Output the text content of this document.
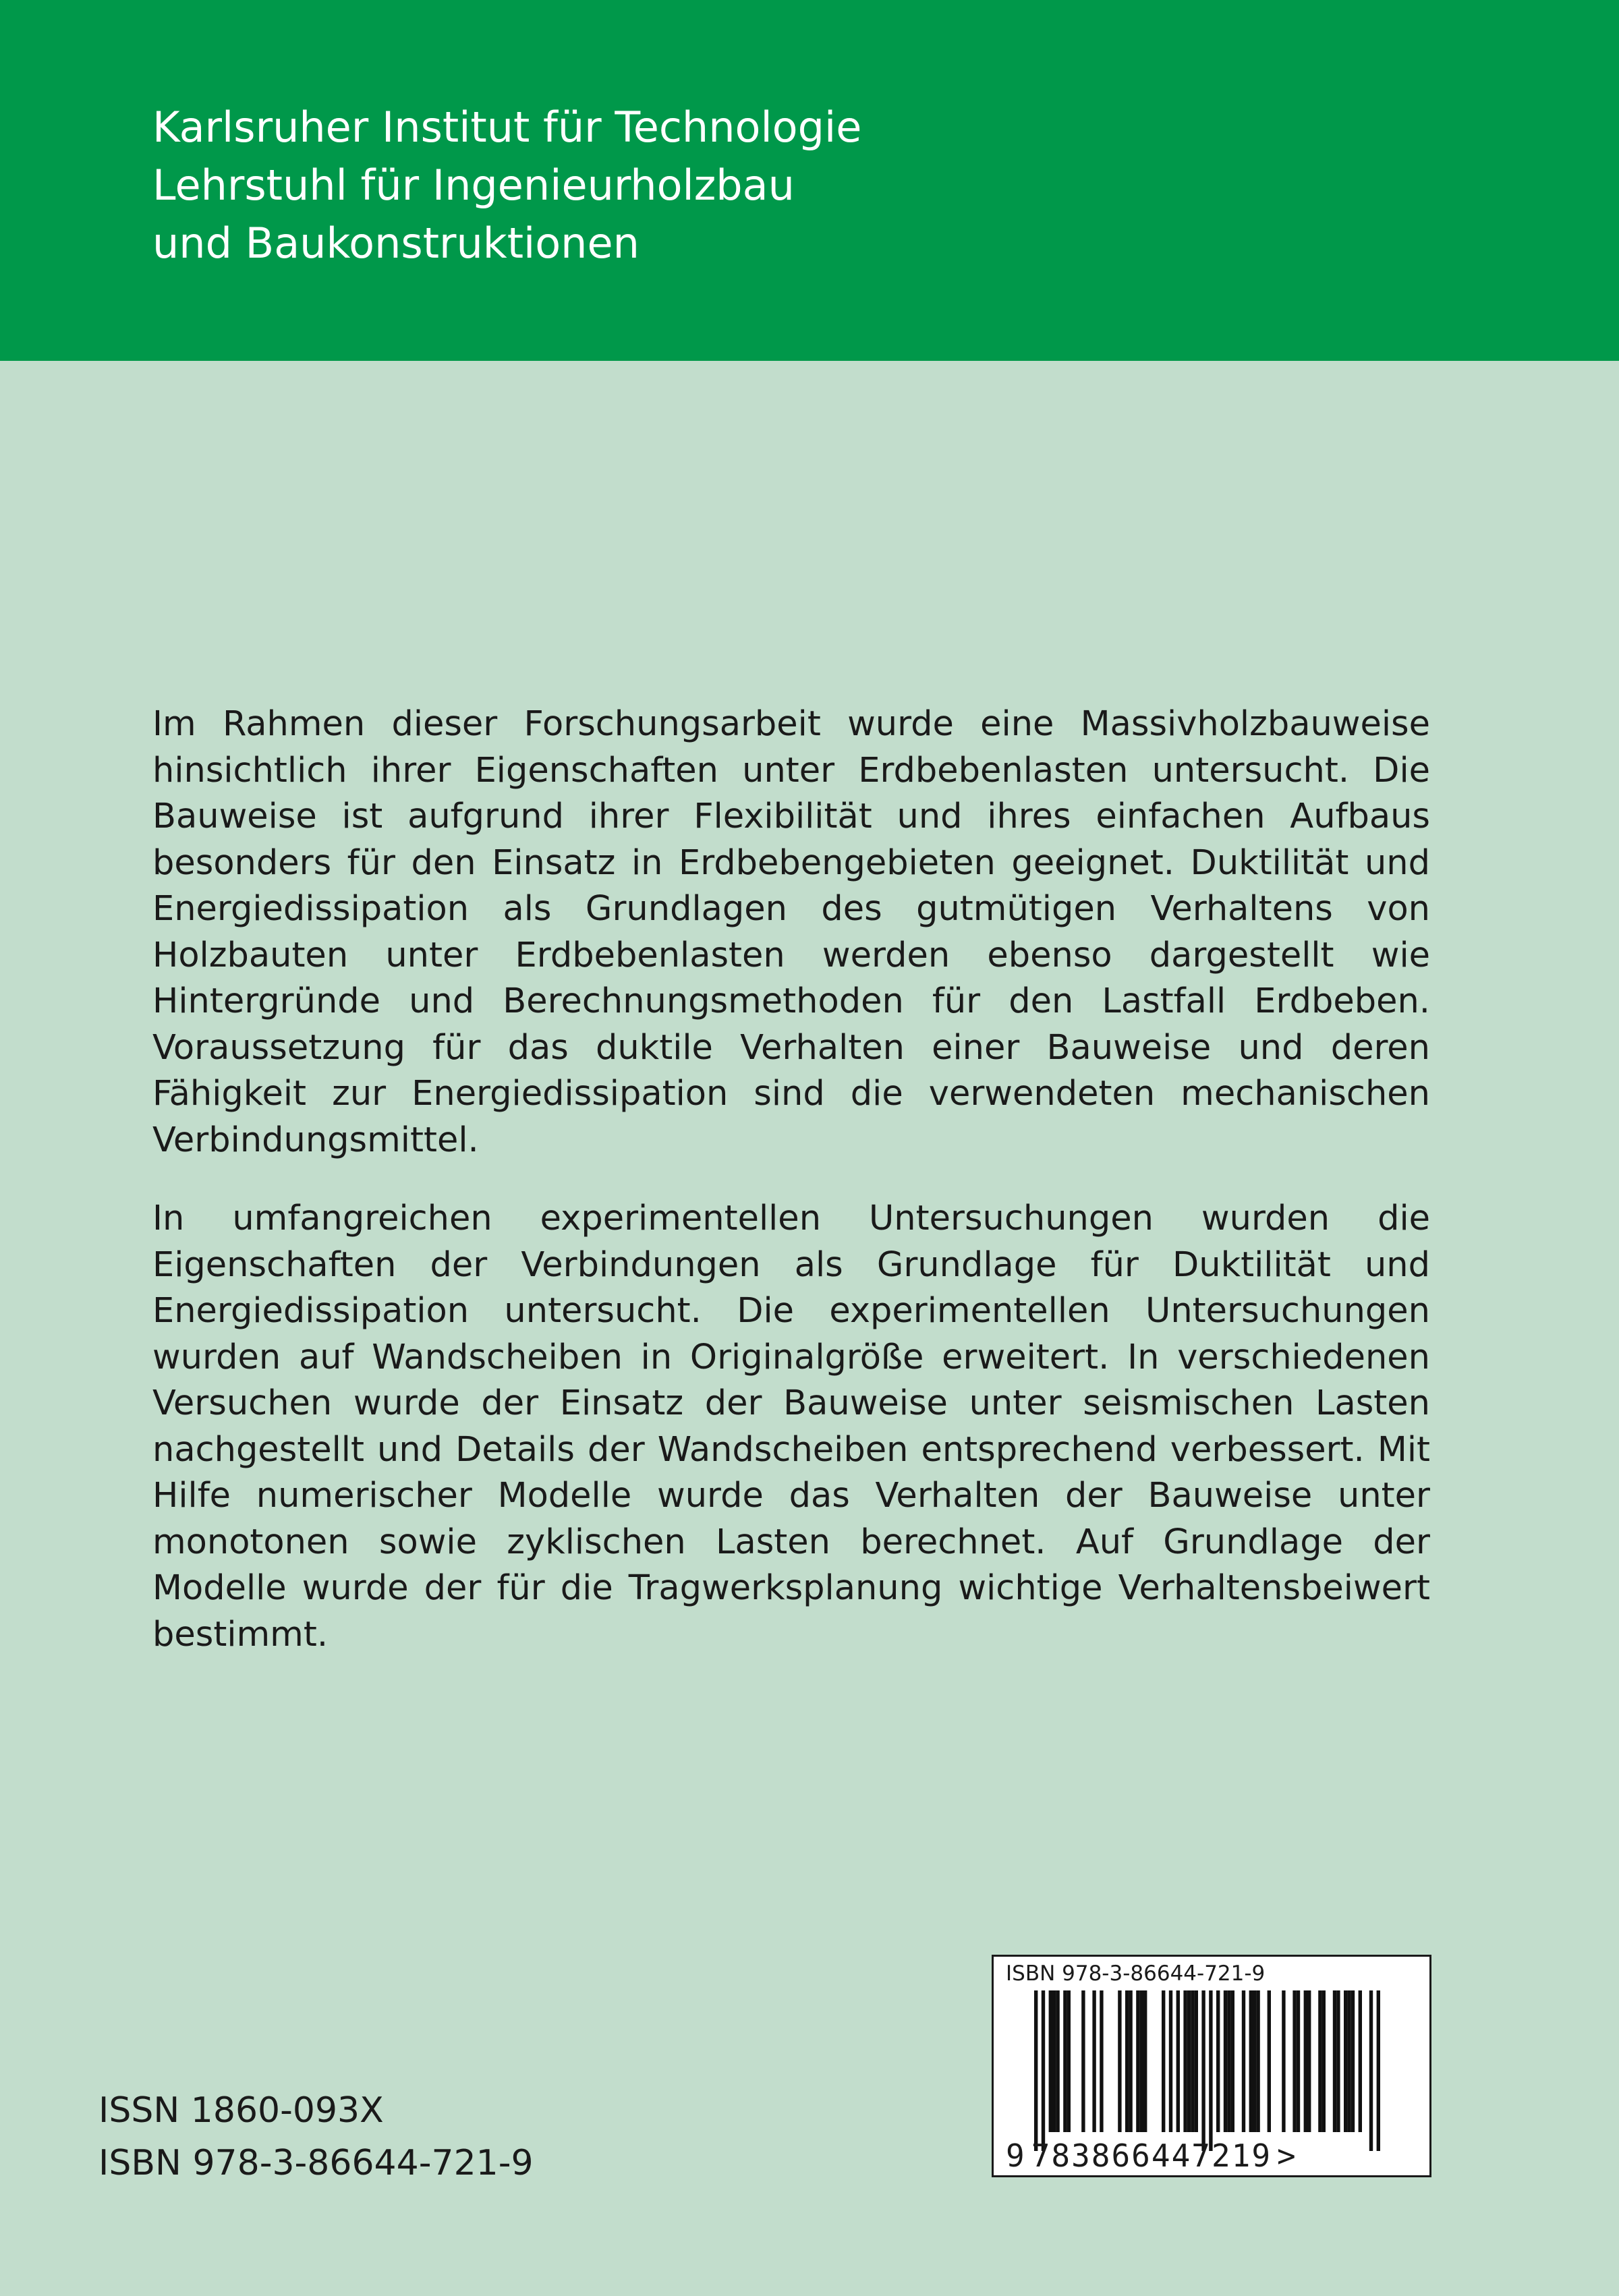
Karlsruher Institut für Technologie
Lehrstuhl für Ingenieurholzbau
und Baukonstruktionen

Im Rahmen dieser Forschungsarbeit wurde eine Massivholzbauweise hinsichtlich ihrer Eigenschaften unter Erdbebenlasten untersucht. Die Bauweise ist aufgrund ihrer Flexibilität und ihres einfachen Aufbaus besonders für den Einsatz in Erdbebengebieten geeignet. Duktilität und Energiedissipation als Grundlagen des gutmütigen Verhaltens von Holzbauten unter Erdbebenlasten werden ebenso dargestellt wie Hintergründe und Berechnungsmethoden für den Lastfall Erdbeben. Voraussetzung für das duktile Verhalten einer Bauweise und deren Fähigkeit zur Energiedissipation sind die verwendeten mechanischen Verbindungsmittel.

In umfangreichen experimentellen Untersuchungen wurden die Eigenschaften der Verbindungen als Grundlage für Duktilität und Energiedissipation untersucht. Die experimentellen Untersuchungen wurden auf Wandscheiben in Originalgröße erweitert. In verschiedenen Versuchen wurde der Einsatz der Bauweise unter seismischen Lasten nachgestellt und Details der Wandscheiben entsprechend verbessert. Mit Hilfe numerischer Modelle wurde das Verhalten der Bauweise unter monotonen sowie zyklischen Lasten berechnet. Auf Grundlage der Modelle wurde der für die Tragwerksplanung wichtige Verhaltensbeiwert bestimmt.

ISSN 1860-093X
ISBN 978-3-86644-721-9
ISBN 978-3-86644-721-9
9 783866447219 >
